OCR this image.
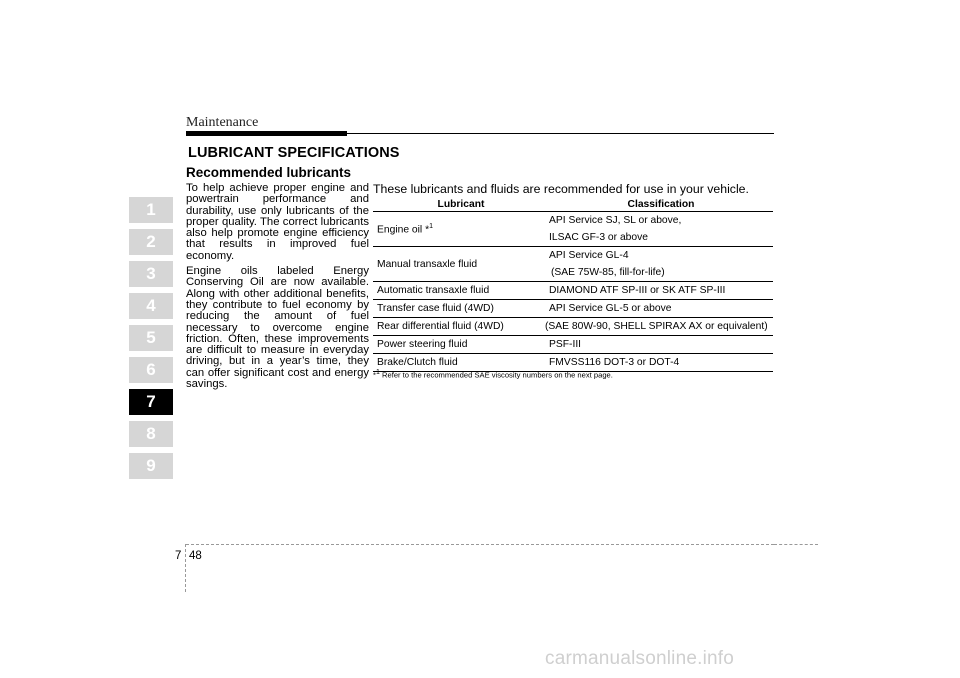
Maintenance
LUBRICANT SPECIFICATIONS
Recommended lubricants

To help achieve proper engine and powertrain performance and durability, use only lubricants of the proper quality. The correct lubricants also help promote engine efficiency that results in improved fuel economy.

Engine oils labeled Energy Conserving Oil are now available. Along with other additional benefits, they contribute to fuel economy by reducing the amount of fuel necessary to overcome engine friction. Often, these improvements are difficult to measure in everyday driving, but in a year’s time, they can offer significant cost and energy savings.

1
2
3
4
5
6
7
8
9
These lubricants and fluids are recommended for use in your vehicle.
Lubricant	Classification
Engine oil *$^1$	API Service SJ, SL or above,
ILSAC GF-3 or above

Manual transaxle fluid	API Service GL-4
(SAE 75W-85, fill-for-life)

Automatic transaxle fluid	DIAMOND ATF SP-III or SK ATF SP-III

Transfer case fluid (4WD)	API Service GL-5 or above

Rear differential fluid (4WD)	(SAE 80W-90, SHELL SPIRAX AX or equivalent)

Power steering fluid	PSF-III

Brake/Clutch fluid	FMVSS116 DOT-3 or DOT-4
*$^1$ Refer to the recommended SAE viscosity numbers on the next page.
7 48
carmanualsonline.info
